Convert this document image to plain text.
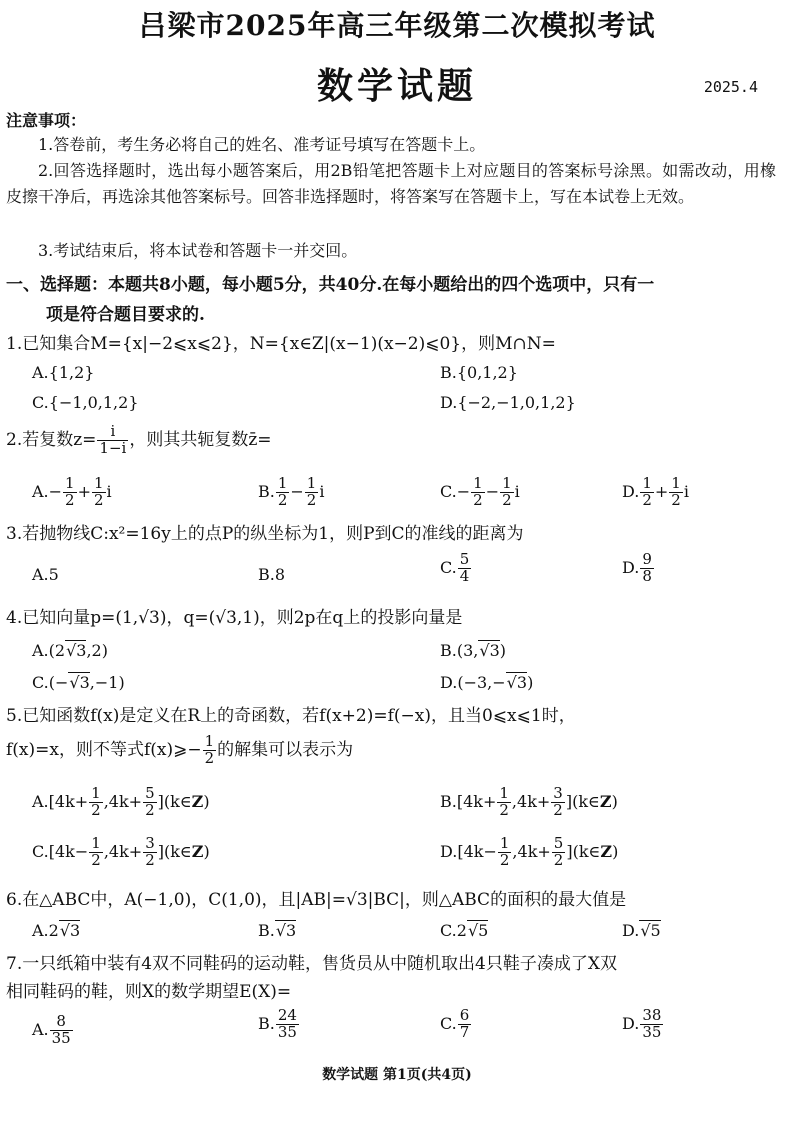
吕梁市2025年高三年级第二次模拟考试
数学试题	2025.4
注意事项：
1.答卷前，考生务必将自己的姓名、准考证号填写在答题卡上。
2.回答选择题时，选出每小题答案后，用2B铅笔把答题卡上对应题目的答案标号涂黑。如需改动，用橡皮擦干净后，再选涂其他答案标号。回答非选择题时，将答案写在答题卡上，写在本试卷上无效。
3.考试结束后，将本试卷和答题卡一并交回。
一、选择题：本题共8小题，每小题5分，共40分.在每小题给出的四个选项中，只有一
项是符合题目要求的.
1.已知集合M={x|−2⩽x⩽2}，N={x∈Z|(x−1)(x−2)⩽0}，则M∩N=
A.{1,2}	B.{0,1,2}
C.{−1,0,1,2}	D.{−2,−1,0,1,2}
2.若复数$z= \frac{i}{1-i}$ ，则其共轭复数z̄=
$A.- \frac{1}{2} + \frac{1}{2}$ i	B. $\frac{1}{2} - \frac{1}{2}$ i	$C.- \frac{1}{2} - \frac{1}{2}$ i	D. $\frac{1}{2} + \frac{1}{2}$ i
3.若抛物线C:x²=16y上的点P的纵坐标为1，则P到C的准线的距离为
A.5	B.8	C. $\frac{5}{4}$	D. $\frac{9}{8}$
4.已知向量p=(1,√3)，q=(√3,1)，则2p在q上的投影向量是
A.(2 √ 3,2)	B.(3, √ 3)
C.(− √ 3,−1)	D.(−3,− √ 3)
5.已知函数f(x)是定义在R上的奇函数，若f(x+2)=f(−x)，且当0⩽x⩽1时，
f(x)=x，则不等式f(x)⩾− $\frac{1}{2}$ 的解集可以表示为
$A.[4k+ \frac{1}{2} ,4k+ \frac{5}{2}$ ](k∈Z)	$B.[4k+ \frac{1}{2} ,4k+ \frac{3}{2}$ ](k∈Z)
$C.[4k- \frac{1}{2} ,4k+ \frac{3}{2}$ ](k∈Z)	$D.[4k- \frac{1}{2} ,4k+ \frac{5}{2}$ ](k∈Z)
6.在△ABC中，A(−1,0)，C(1,0)，且|AB|=√3|BC|，则△ABC的面积的最大值是
A.2 √ 3	B. √ 3	C.2 √ 5	D. √ 5
7.一只纸箱中装有4双不同鞋码的运动鞋，售货员从中随机取出4只鞋子凑成了X双
相同鞋码的鞋，则X的数学期望E(X)=
A. $\frac{8}{35}$	B. $\frac{24}{35}$	C. $\frac{6}{7}$	D. $\frac{38}{35}$
数学试题 第1页(共4页)
